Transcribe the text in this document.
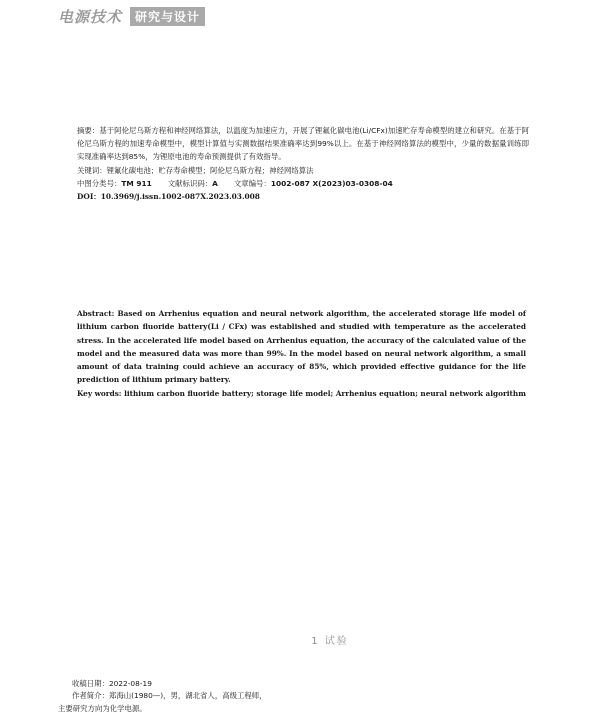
电源技术	研究与设计

摘要：基于阿伦尼乌斯方程和神经网络算法，以温度为加速应力，开展了锂氟化碳电池(Li/CFx)加速贮存寿命模型的建立和研究。在基于阿伦尼乌斯方程的加速寿命模型中，模型计算值与实测数据结果准确率达到99%以上。在基于神经网络算法的模型中，少量的数据量训练即实现准确率达到85%，为锂原电池的寿命预测提供了有效指导。

关键词：锂氟化碳电池；贮存寿命模型；阿伦尼乌斯方程；神经网络算法

中图分类号：TM 911 文献标识码：A 文章编号：1002-087 X(2023)03-0308-04

DOI：10.3969/j.issn.1002-087X.2023.03.008

Abstract: Based on Arrhenius equation and neural network algorithm, the accelerated storage life model of lithium carbon fluoride battery(Li / CFx) was established and studied with temperature as the accelerated stress. In the accelerated life model based on Arrhenius equation, the accuracy of the calculated value of the model and the measured data was more than 99%. In the model based on neural network algorithm, a small amount of data training could achieve an accuracy of 85%, which provided effective guidance for the life prediction of lithium primary battery.

Key words: lithium carbon fluoride battery; storage life model; Arrhenius equation; neural network algorithm

1 试验

收稿日期：2022-08-19

作者简介：郑海山(1980—)，男，湖北省人，高级工程师，

主要研究方向为化学电源。
